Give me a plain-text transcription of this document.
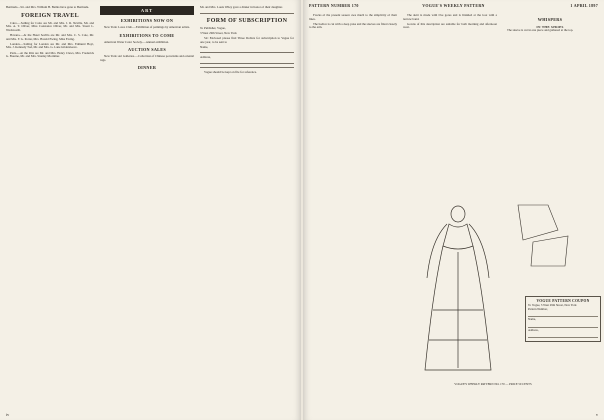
Bermuda—Str. and Mrs. William H. Bemis have gone to Bermuda.

FOREIGN TRAVEL

Cairo.—Sailing for Cairo are Mr. and Mrs. J. R. Neville, Mr. and Mrs. A. T. Oliver, Miss Constance Oliver, Mr. and Mrs. Stuart L. Wadsworth.

Havana.—At the Hotel Sevilla are Mr. and Mrs. C. S. Cole, Mr. and Mrs. F. G. Porter, Mrs. Harold Ewing, Miss Ewing.

London.—Sailing for London are Mr. and Mrs. Edmund Hoyt, Mrs. J. Kennedy Tod, Mr. and Mrs. G. Lane Gildersleeve.

Paris.—At the Ritz are Mr. and Mrs. Henry Clews, Mrs. Frederick G. Bourne, Mr. and Mrs. Stanley Mortimer.

ART
EXHIBITIONS NOW ON

New York: Lotos Club.—Exhibition of paintings by American artists.

EXHIBITIONS TO COME

American Water Color Society.—Annual exhibition.

AUCTION SALES

New York: Art Galleries.—Collection of Chinese porcelains and oriental rugs.

DINNER

Mr. and Mrs. Louis Wiley gave a dinner in honor of their daughter.

FORM OF SUBSCRIPTION

To Publisher, Vogue,

3 West 29th Street, New York

Sir: Enclosed please find Three Dollars for subscription to Vogue for one year, to be sent to

Name,

Address,

Vogue should be kept on file for reference.

iv
PATTERN NUMBER 170	VOGUE'S WEEKLY PATTERN	1 APRIL 1897

Frocks of the present season owe much to the simplicity of their lines.

The bodice is cut with a deep yoke and the sleeves are fitted closely to the arm.

The skirt is made with five gores and is finished at the foot with a narrow band.

Gowns of this description are suitable for both morning and afternoon wear.

VOGUE'S WEEKLY PATTERN NO. 170 — PRICE 50 CENTS
WHISPERS
IN THE SHOPS

The sleeve is cut in one piece and gathered at the top.

VOGUE PATTERN COUPON
To Vogue, 3 West 29th Street, New York
Pattern Number,
Name,
Address,
v
